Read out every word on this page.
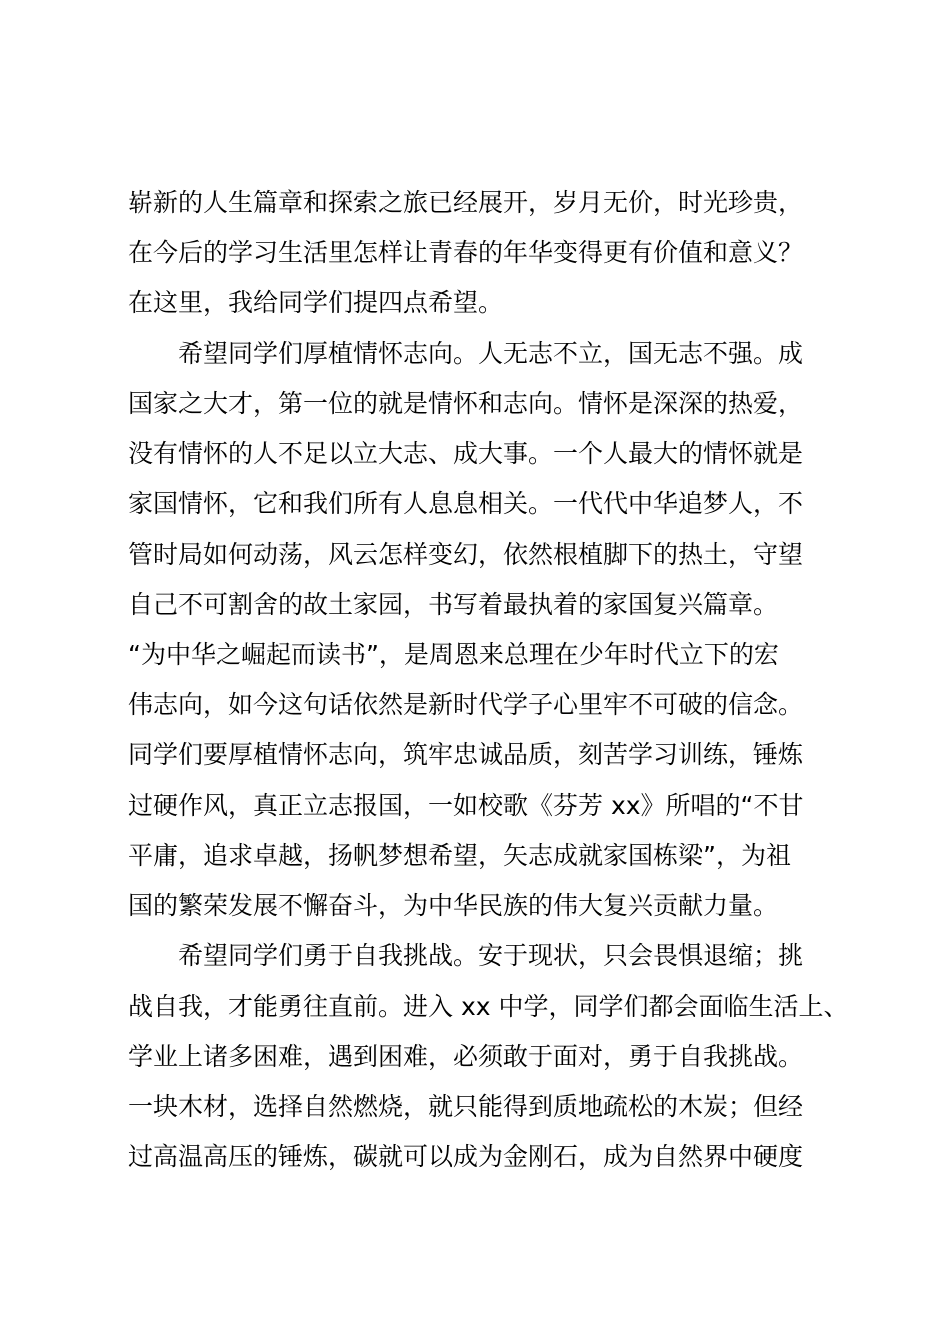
崭新的人生篇章和探索之旅已经展开，岁月无价，时光珍贵，
在今后的学习生活里怎样让青春的年华变得更有价值和意义？
在这里，我给同学们提四点希望。
希望同学们厚植情怀志向。人无志不立，国无志不强。成
国家之大才，第一位的就是情怀和志向。情怀是深深的热爱，
没有情怀的人不足以立大志、成大事。一个人最大的情怀就是
家国情怀，它和我们所有人息息相关。一代代中华追梦人，不
管时局如何动荡，风云怎样变幻，依然根植脚下的热土，守望
自己不可割舍的故土家园，书写着最执着的家国复兴篇章。
“为中华之崛起而读书”，是周恩来总理在少年时代立下的宏
伟志向，如今这句话依然是新时代学子心里牢不可破的信念。
同学们要厚植情怀志向，筑牢忠诚品质，刻苦学习训练，锤炼
过硬作风，真正立志报国，一如校歌《芬芳 xx》所唱的“不甘
平庸，追求卓越，扬帆梦想希望，矢志成就家国栋梁”，为祖
国的繁荣发展不懈奋斗，为中华民族的伟大复兴贡献力量。
希望同学们勇于自我挑战。安于现状，只会畏惧退缩；挑
战自我，才能勇往直前。进入 xx 中学，同学们都会面临生活上、
学业上诸多困难，遇到困难，必须敢于面对，勇于自我挑战。
一块木材，选择自然燃烧，就只能得到质地疏松的木炭；但经
过高温高压的锤炼，碳就可以成为金刚石，成为自然界中硬度
